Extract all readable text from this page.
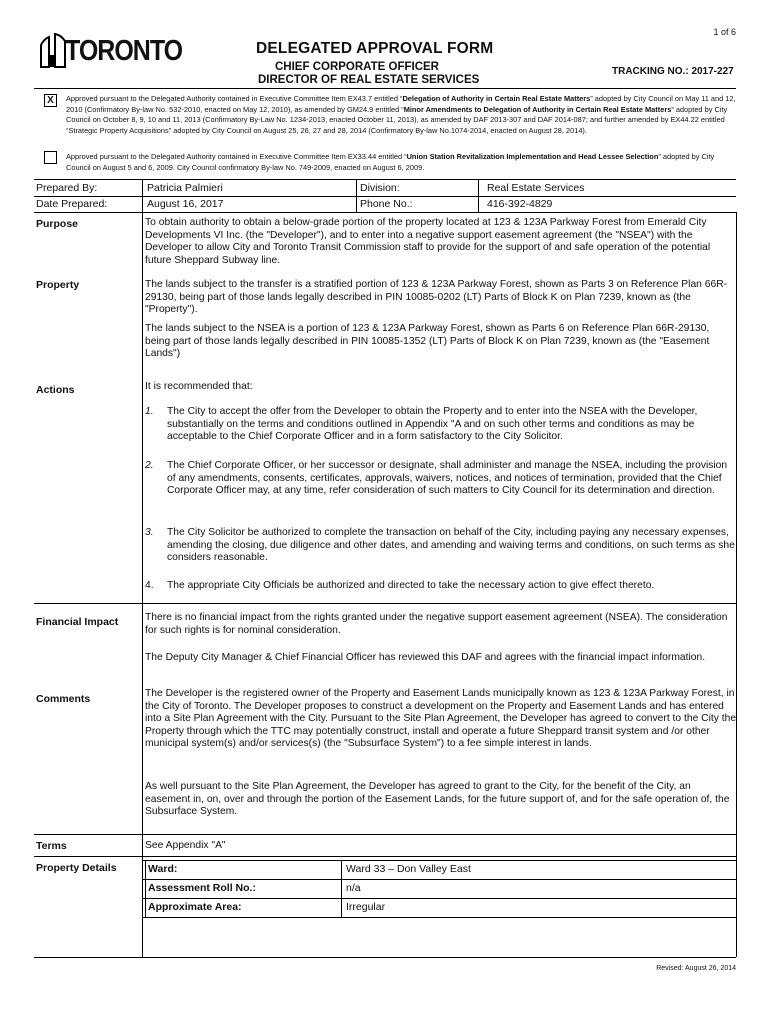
1 of 6
TORONTO	DELEGATED APPROVAL FORM
CHIEF CORPORATE OFFICER
DIRECTOR OF REAL ESTATE SERVICES
TRACKING NO.: 2017-227
X	Approved pursuant to the Delegated Authority contained in Executive Committee Item EX43.7 entitled “Delegation of Authority in Certain Real Estate Matters” adopted by City Council on May 11 and 12, 2010 (Confirmatory By-law No. 532-2010, enacted on May 12, 2010), as amended by GM24.9 entitled “Minor Amendments to Delegation of Authority in Certain Real Estate Matters” adopted by City Council on October 8, 9, 10 and 11, 2013 (Confirmatory By-Law No. 1234-2013, enacted October 11, 2013), as amended by DAF 2013-307 and DAF 2014-087; and further amended by EX44.22 entitled “Strategic Property Acquisitions” adopted by City Council on August 25, 26, 27 and 28, 2014 (Confirmatory By-law No.1074-2014, enacted on August 28, 2014).
Approved pursuant to the Delegated Authority contained in Executive Committee Item EX33.44 entitled “Union Station Revitalization Implementation and Head Lessee Selection” adopted by City Council on August 5 and 6, 2009. City Council confirmatory By-law No. 749-2009, enacted on August 6, 2009.
Prepared By:	Patricia Palmieri	Division:	Real Estate Services
Date Prepared:	August 16, 2017	Phone No.:	416-392-4829
Purpose	To obtain authority to obtain a below-grade portion of the property located at 123 & 123A Parkway Forest from Emerald City Developments VI Inc. (the "Developer"), and to enter into a negative support easement agreement (the "NSEA") with the Developer to allow City and Toronto Transit Commission staff to provide for the support of and safe operation of the potential future Sheppard Subway line.
Property	The lands subject to the transfer is a stratified portion of 123 & 123A Parkway Forest, shown as Parts 3 on Reference Plan 66R-29130, being part of those lands legally described in PIN 10085-0202 (LT) Parts of Block K on Plan 7239, known as (the "Property").
The lands subject to the NSEA is a portion of 123 & 123A Parkway Forest, shown as Parts 6 on Reference Plan 66R-29130, being part of those lands legally described in PIN 10085-1352 (LT) Parts of Block K on Plan 7239, known as (the "Easement Lands")
Actions	It is recommended that:
1. The City to accept the offer from the Developer to obtain the Property and to enter into the NSEA with the Developer, substantially on the terms and conditions outlined in Appendix "A and on such other terms and conditions as may be acceptable to the Chief Corporate Officer and in a form satisfactory to the City Solicitor.
2. The Chief Corporate Officer, or her successor or designate, shall administer and manage the NSEA, including the provision of any amendments, consents, certificates, approvals, waivers, notices, and notices of termination, provided that the Chief Corporate Officer may, at any time, refer consideration of such matters to City Council for its determination and direction.
3. The City Solicitor be authorized to complete the transaction on behalf of the City, including paying any necessary expenses, amending the closing, due diligence and other dates, and amending and waiving terms and conditions, on such terms as she considers reasonable.
4. The appropriate City Officials be authorized and directed to take the necessary action to give effect thereto.
Financial Impact	There is no financial impact from the rights granted under the negative support easement agreement (NSEA). The consideration for such rights is for nominal consideration.
The Deputy City Manager & Chief Financial Officer has reviewed this DAF and agrees with the financial impact information.
Comments	The Developer is the registered owner of the Property and Easement Lands municipally known as 123 & 123A Parkway Forest, in the City of Toronto. The Developer proposes to construct a development on the Property and Easement Lands and has entered into a Site Plan Agreement with the City. Pursuant to the Site Plan Agreement, the Developer has agreed to convert to the City the Property through which the TTC may potentially construct, install and operate a future Sheppard transit system and /or other municipal system(s) and/or services(s) (the "Subsurface System") to a fee simple interest in lands.
As well pursuant to the Site Plan Agreement, the Developer has agreed to grant to the City, for the benefit of the City, an easement in, on, over and through the portion of the Easement Lands, for the future support of, and for the safe operation of, the Subsurface System.
Terms	See Appendix "A"
Property Details	Ward:	Ward 33 – Don Valley East
Assessment Roll No.:	n/a
Approximate Area:	Irregular
Revised: August 26, 2014
